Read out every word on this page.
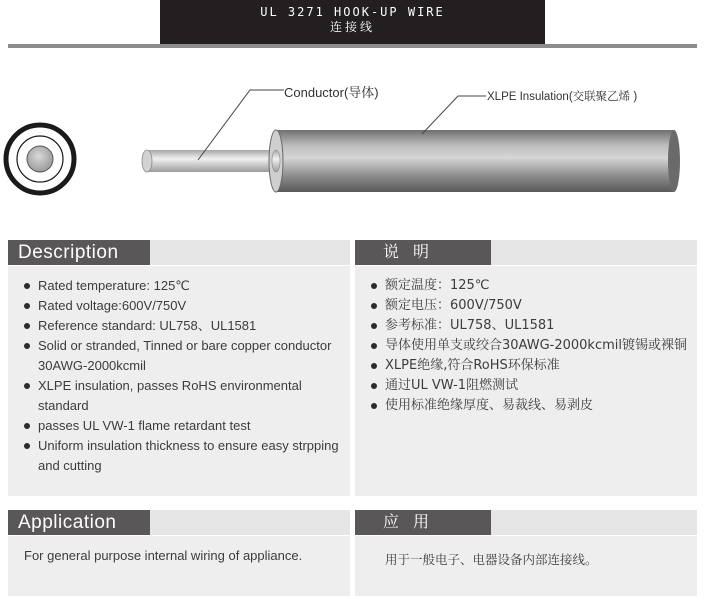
UL 3271 HOOK-UP WIRE
连接线
Conductor(导体)	XLPE Insulation(交联聚乙烯 )
Description
Rated temperature: 125℃
Rated voltage:600V/750V
Reference standard: UL758、UL1581
Solid or stranded, Tinned or bare copper conductor 30AWG-2000kcmil
XLPE insulation, passes RoHS environmental standard
passes UL VW-1 flame retardant test
Uniform insulation thickness to ensure easy strpping and cutting
说明
额定温度：125℃
额定电压：600V/750V
参考标准：UL758、UL1581
导体使用单支或绞合30AWG-2000kcmil镀锡或裸铜
XLPE绝缘,符合RoHS环保标准
通过UL VW-1阻燃测试
使用标准绝缘厚度、易裁线、易剥皮
Application
For general purpose internal wiring of appliance.
应用
用于一般电子、电器设备内部连接线。
